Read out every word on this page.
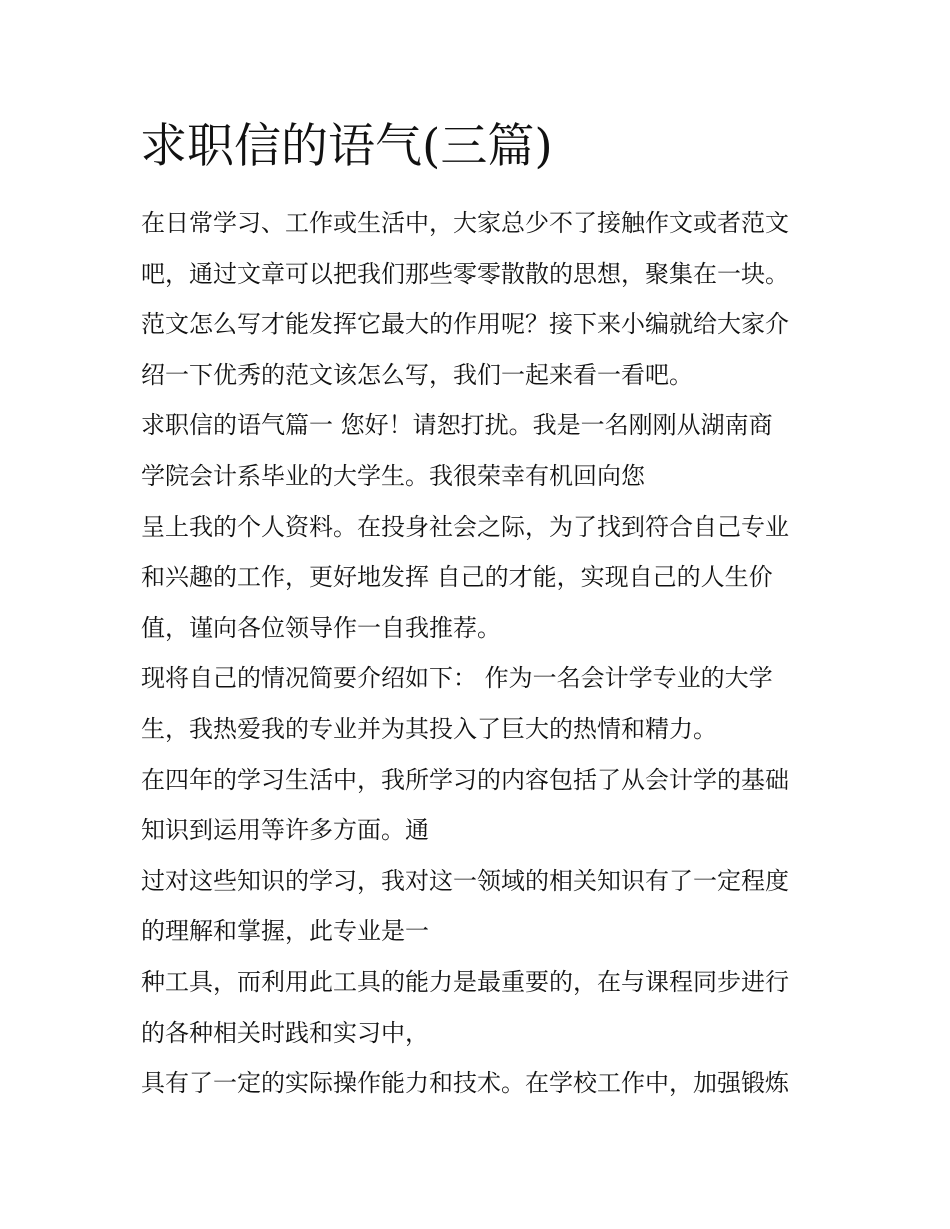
求职信的语气(三篇)
在日常学习、工作或生活中，大家总少不了接触作文或者范文
吧，通过文章可以把我们那些零零散散的思想，聚集在一块。
范文怎么写才能发挥它最大的作用呢？接下来小编就给大家介
绍一下优秀的范文该怎么写，我们一起来看一看吧。
求职信的语气篇一 您好！请恕打扰。我是一名刚刚从湖南商
学院会计系毕业的大学生。我很荣幸有机回向您
呈上我的个人资料。在投身社会之际，为了找到符合自己专业
和兴趣的工作，更好地发挥 自己的才能，实现自己的人生价
值，谨向各位领导作一自我推荐。
现将自己的情况简要介绍如下： 作为一名会计学专业的大学
生，我热爱我的专业并为其投入了巨大的热情和精力。
在四年的学习生活中，我所学习的内容包括了从会计学的基础
知识到运用等许多方面。通
过对这些知识的学习，我对这一领域的相关知识有了一定程度
的理解和掌握，此专业是一
种工具，而利用此工具的能力是最重要的，在与课程同步进行
的各种相关时践和实习中，
具有了一定的实际操作能力和技术。在学校工作中，加强锻炼
